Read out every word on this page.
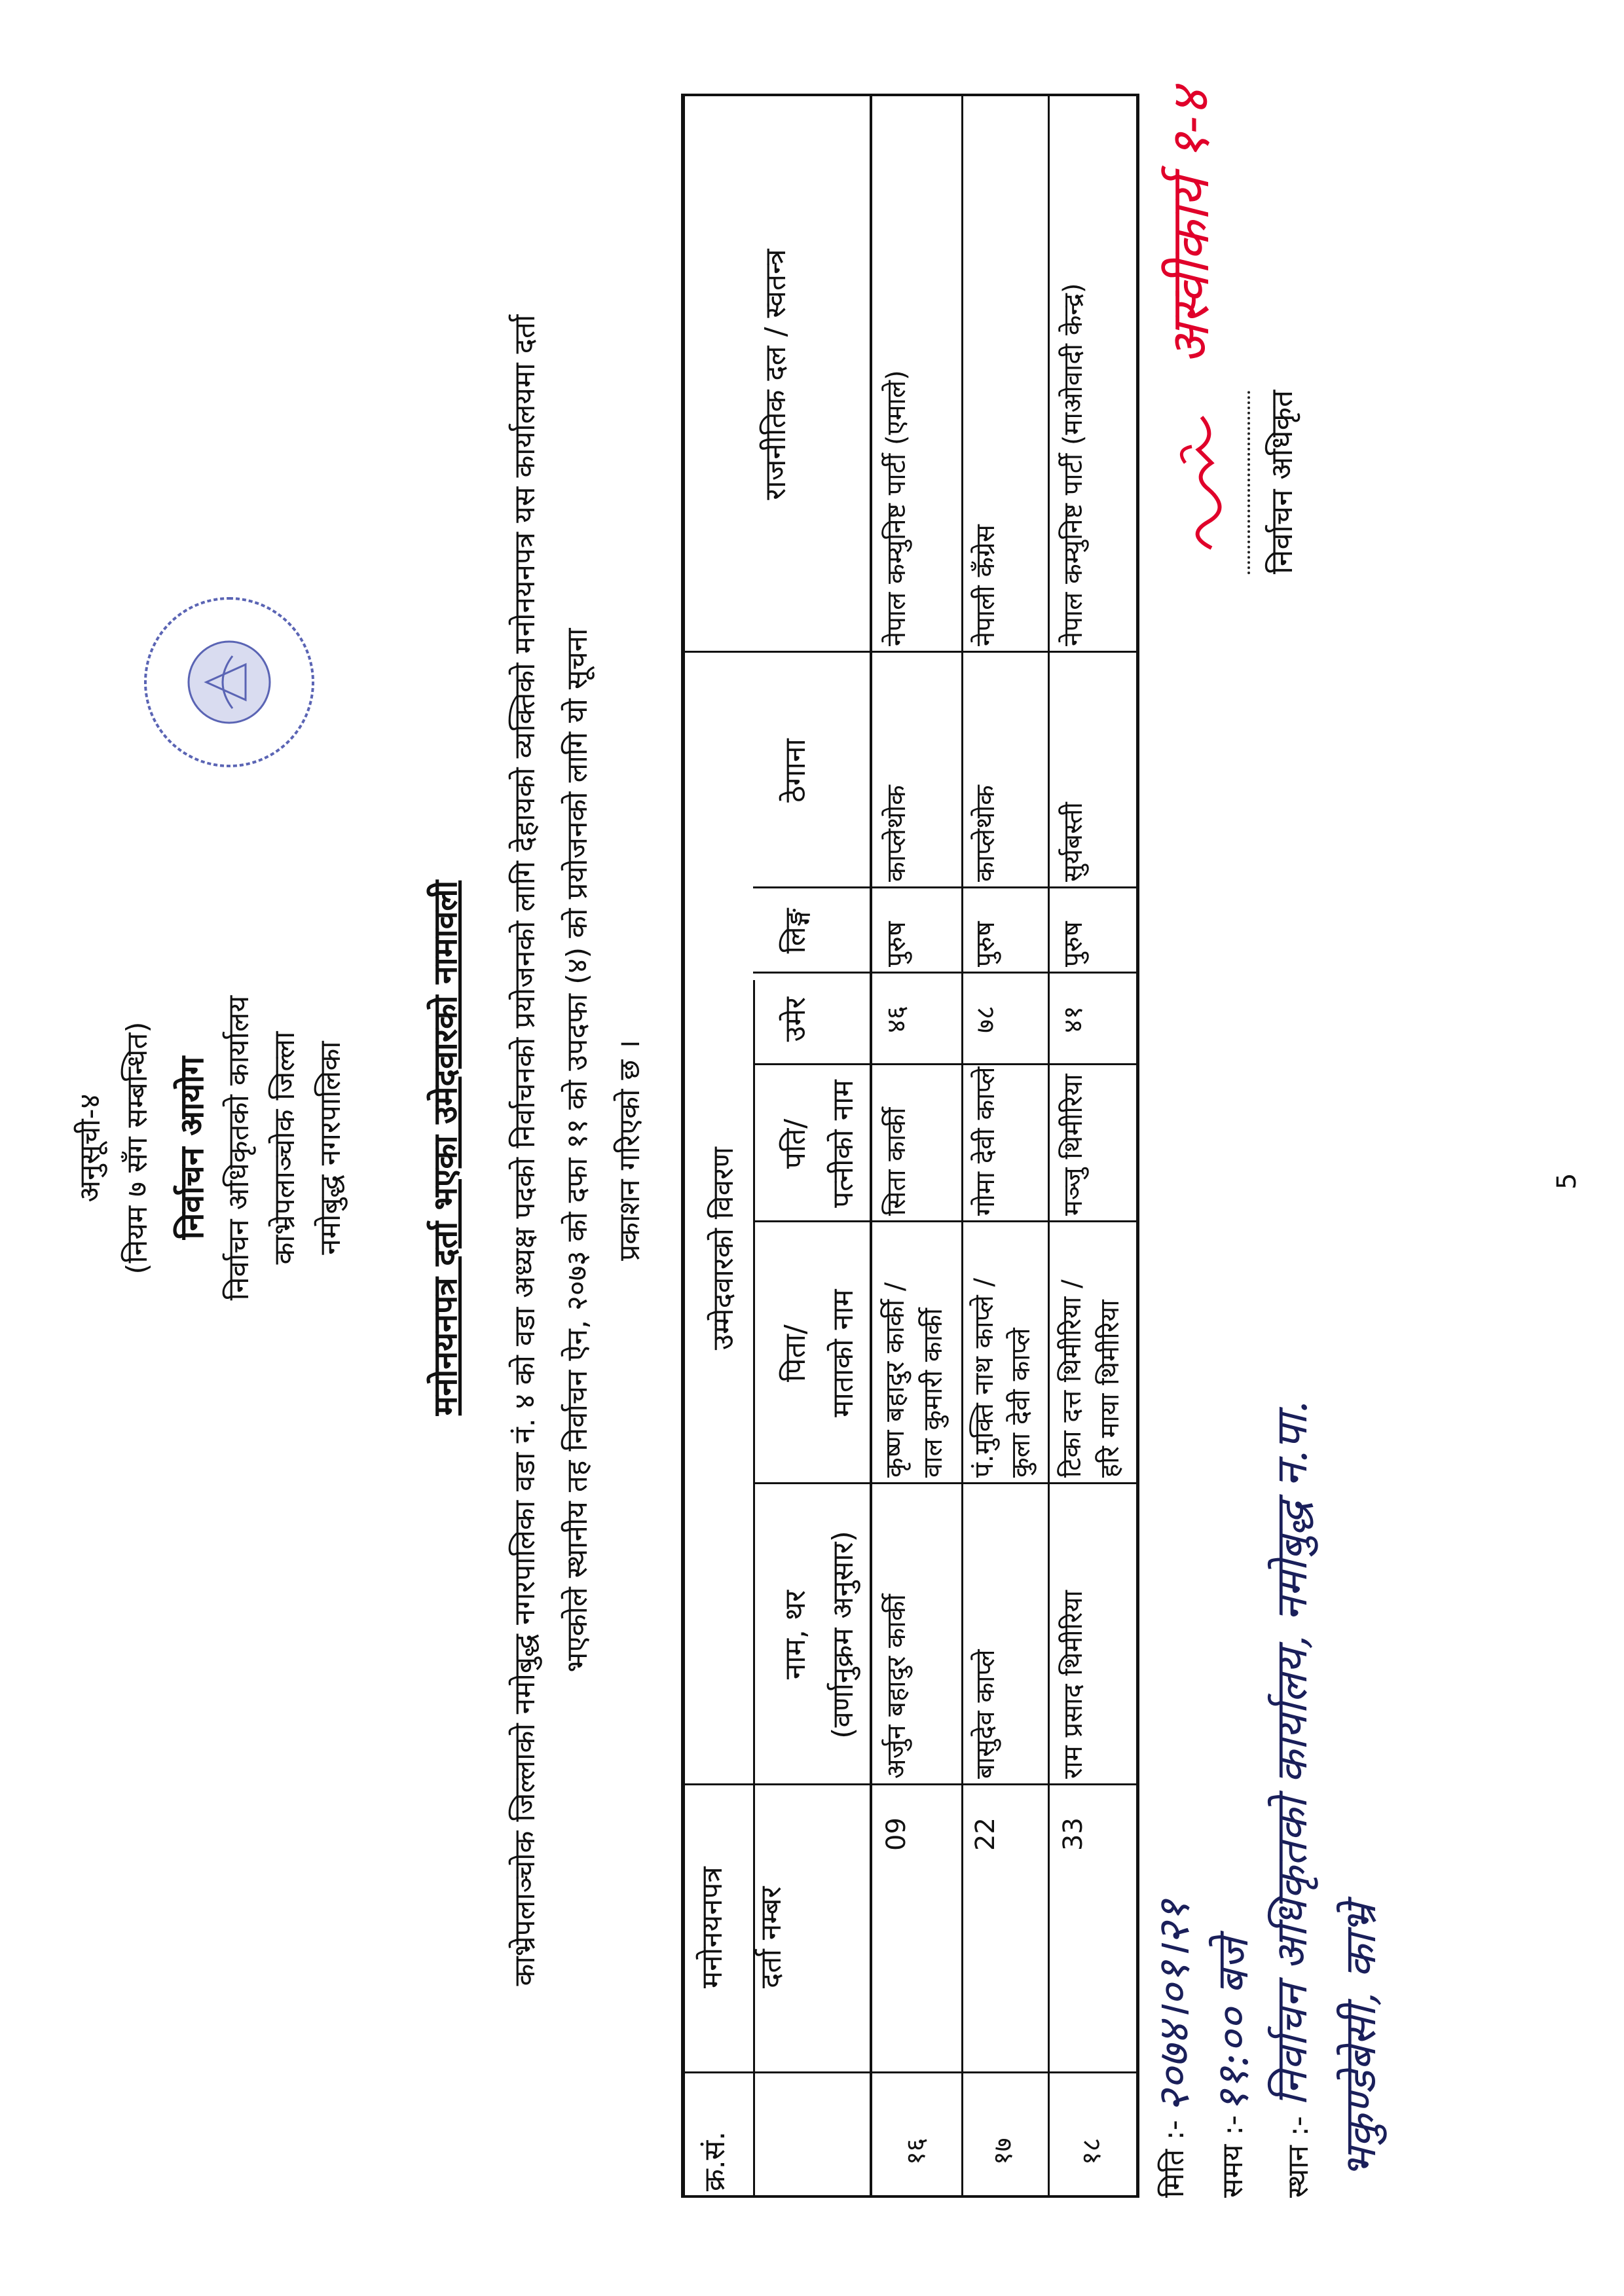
अनुसूची-४ (नियम ७ सँग सम्बन्धित) निर्वाचन आयोग निर्वाचन अधिकृतको कार्यालय काभ्रेपलाञ्चोक जिल्ला नमोबुद्ध नगरपालिका मनोनयनपत्र दर्ता भएका उमेदवारको नामावली काभ्रेपलाञ्चोक जिल्लाको नमोबुद्ध नगरपालिका वडा नं. ४ को वडा अध्यक्ष पदको निर्वाचनको प्रयोजनको लागि देहायको व्यक्तिको मनोनयनपत्र यस कार्यालयमा दर्ता भएकोले स्थानीय तह निर्वाचन ऐन, २०७३ को दफा ११ को उपदफा (४) को प्रयोजनको लागि यो सूचना प्रकाशन गरिएको छ ।
क्र.सं.
मनोनयनपत्र दर्ता नम्बर
उम्मेदवारको विवरण
नाम, थर (वर्णानुक्रम अनुसार)
पिता/ माताको नाम
पति/ पत्नीको नाम
उमेर
लिङ्ग
ठेगाना
राजनीतिक दल / स्वतन्त्र
१६
09
अर्जुन बहादुर कार्की
कृष्ण बहादुर कार्की / वाल कुमारी कार्की
सिता कार्की
४६
पुरुष
काप्लेथोक
नेपाल कम्युनिष्ट पार्टी (एमाले)
१७
22
बासुदेव काप्ले
पं.मुक्ति नाथ काप्ले / कुला देवी काप्ले
गोमा देवी काप्ले
७८
पुरुष
काप्लेथोक
नेपाली कँग्रेस
१८
33
राम प्रसाद थिमीरिया
टिका दत्त थिमीरिया / हरि माया थिमीरिया
मञ्जु थिमीरिया
४१
पुरुष
सुर्यबस्ती
नेपाल कम्युनिष्ट पार्टी (माओवादी केन्द्र)
मिति :-
२०७४।०१।२१
समय :-
११:०० बजे
स्थान :-
निर्वाचन अधिकृतको कार्यालय, नमोबुद्ध न.पा. भकुण्डेबेसी, काभ्रे
निर्वाचन अधिकृत
अस्वीकार्य १-४
5
